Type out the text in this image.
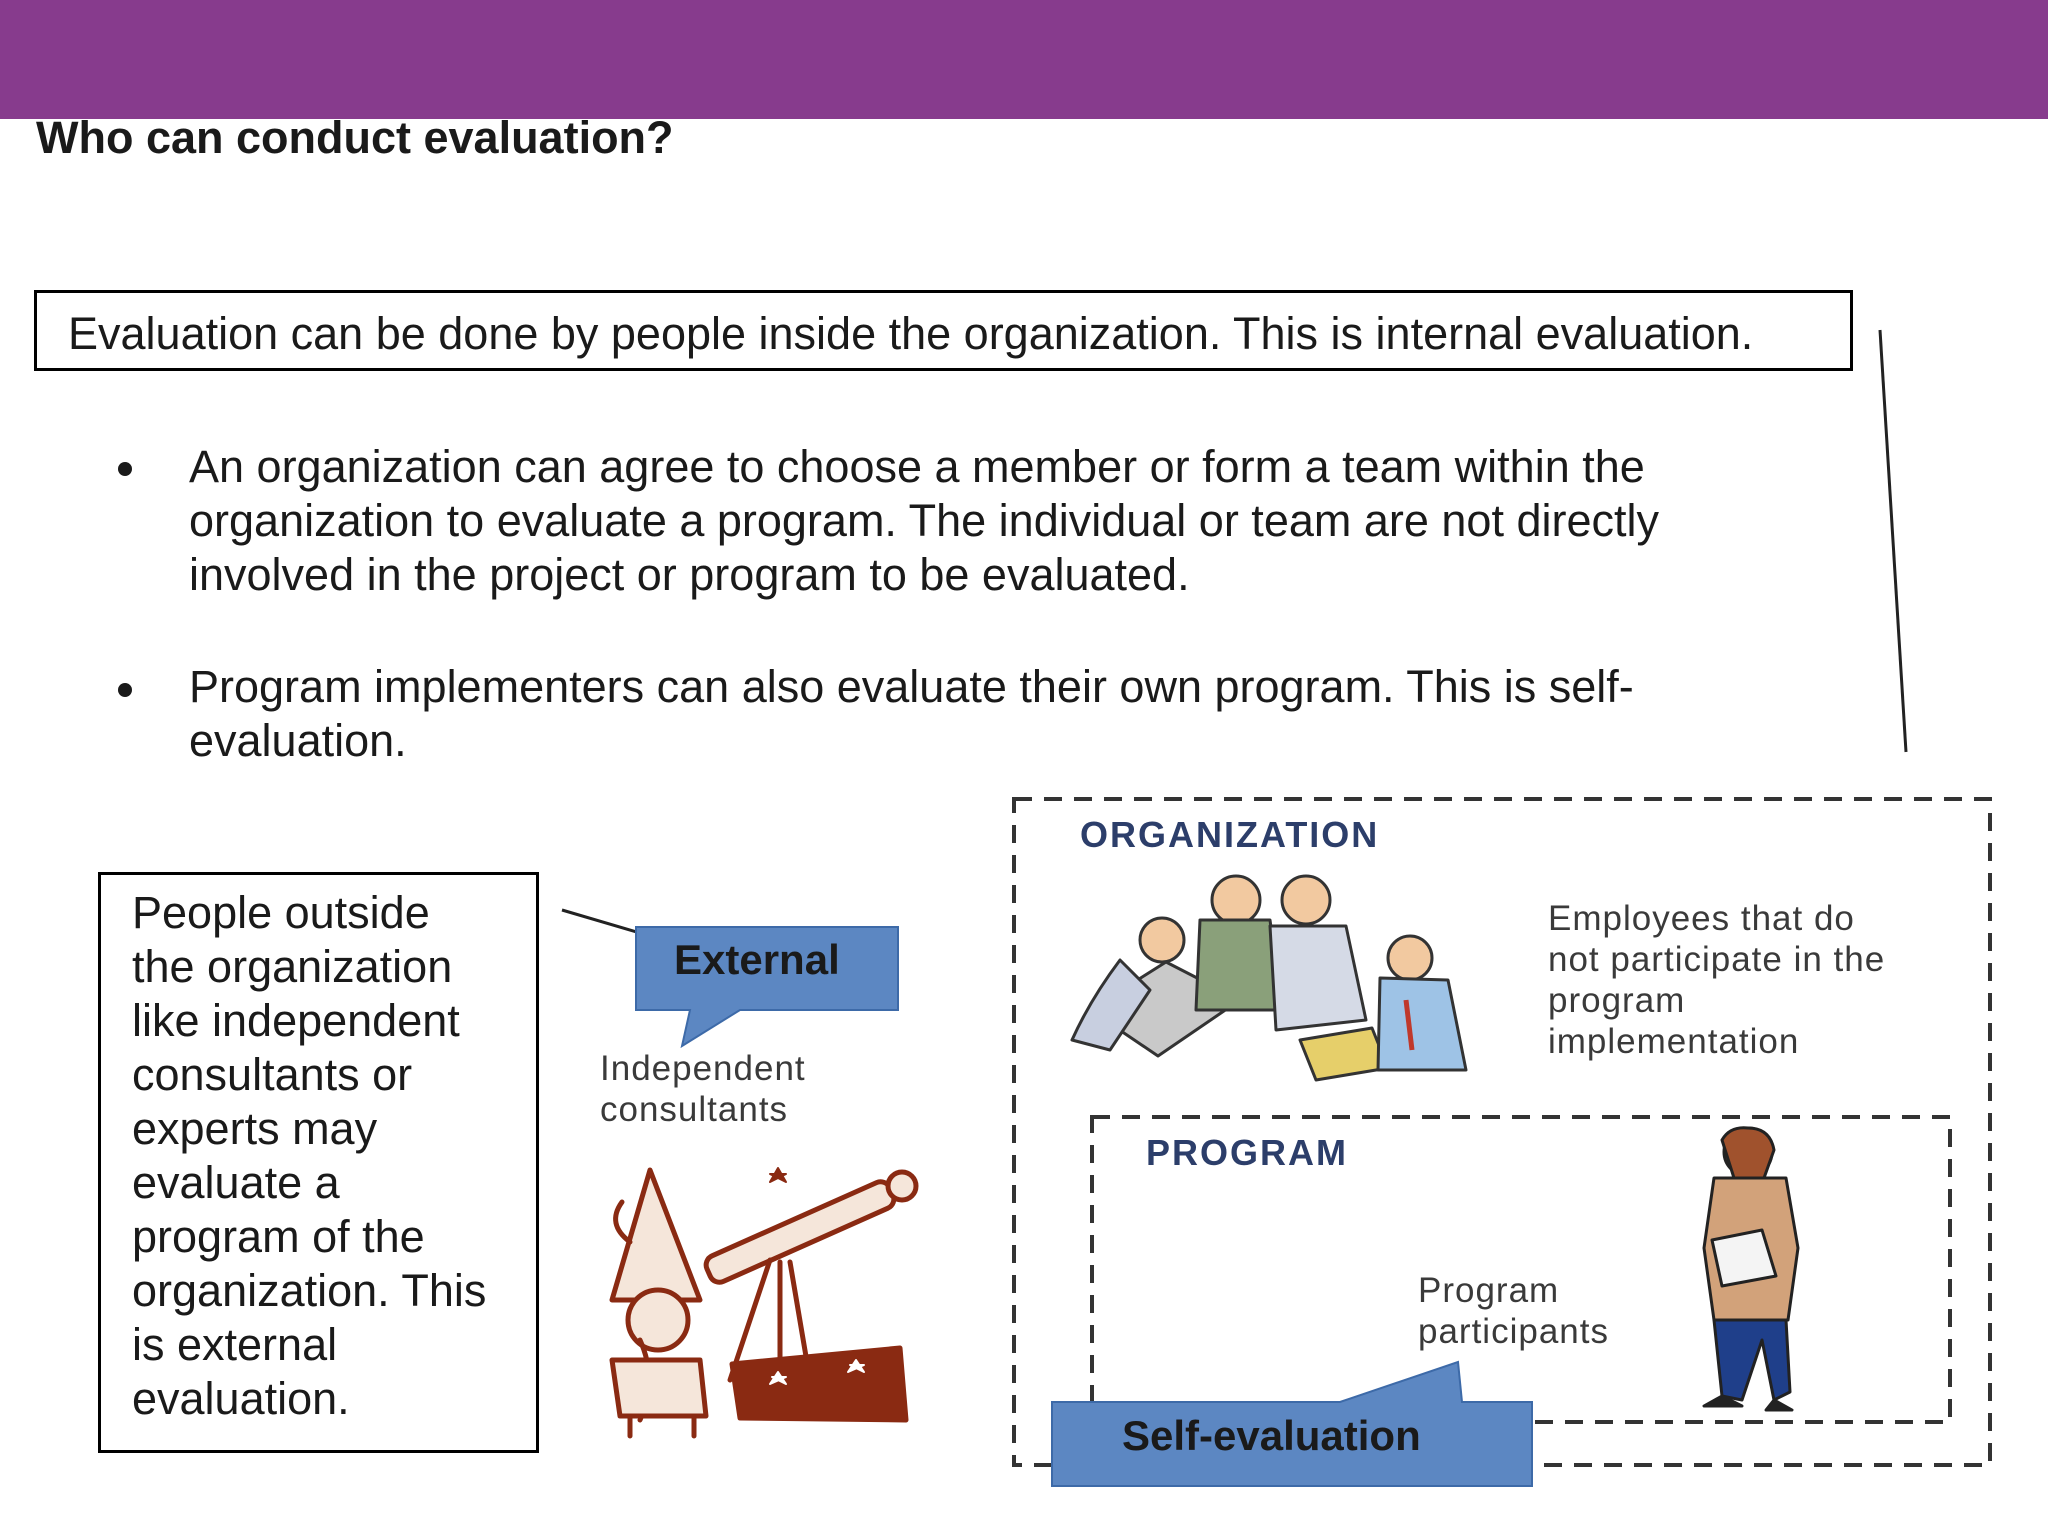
Who can conduct evaluation?
Evaluation can be done by people inside the organization. This is internal evaluation.
An organization can agree to choose a member or form a team within the
organization to evaluate a program. The individual or team are not directly
involved in the project or program to be evaluated.
Program implementers can also evaluate their own program. This is self-
evaluation.
People outside
the organization
like independent
consultants or
experts may
evaluate a
program of the
organization. This
is external
evaluation.
External
Independent
consultants
ORGANIZATION
Employees that do
not participate in the
program
implementation
PROGRAM
Program
participants
Self-evaluation
